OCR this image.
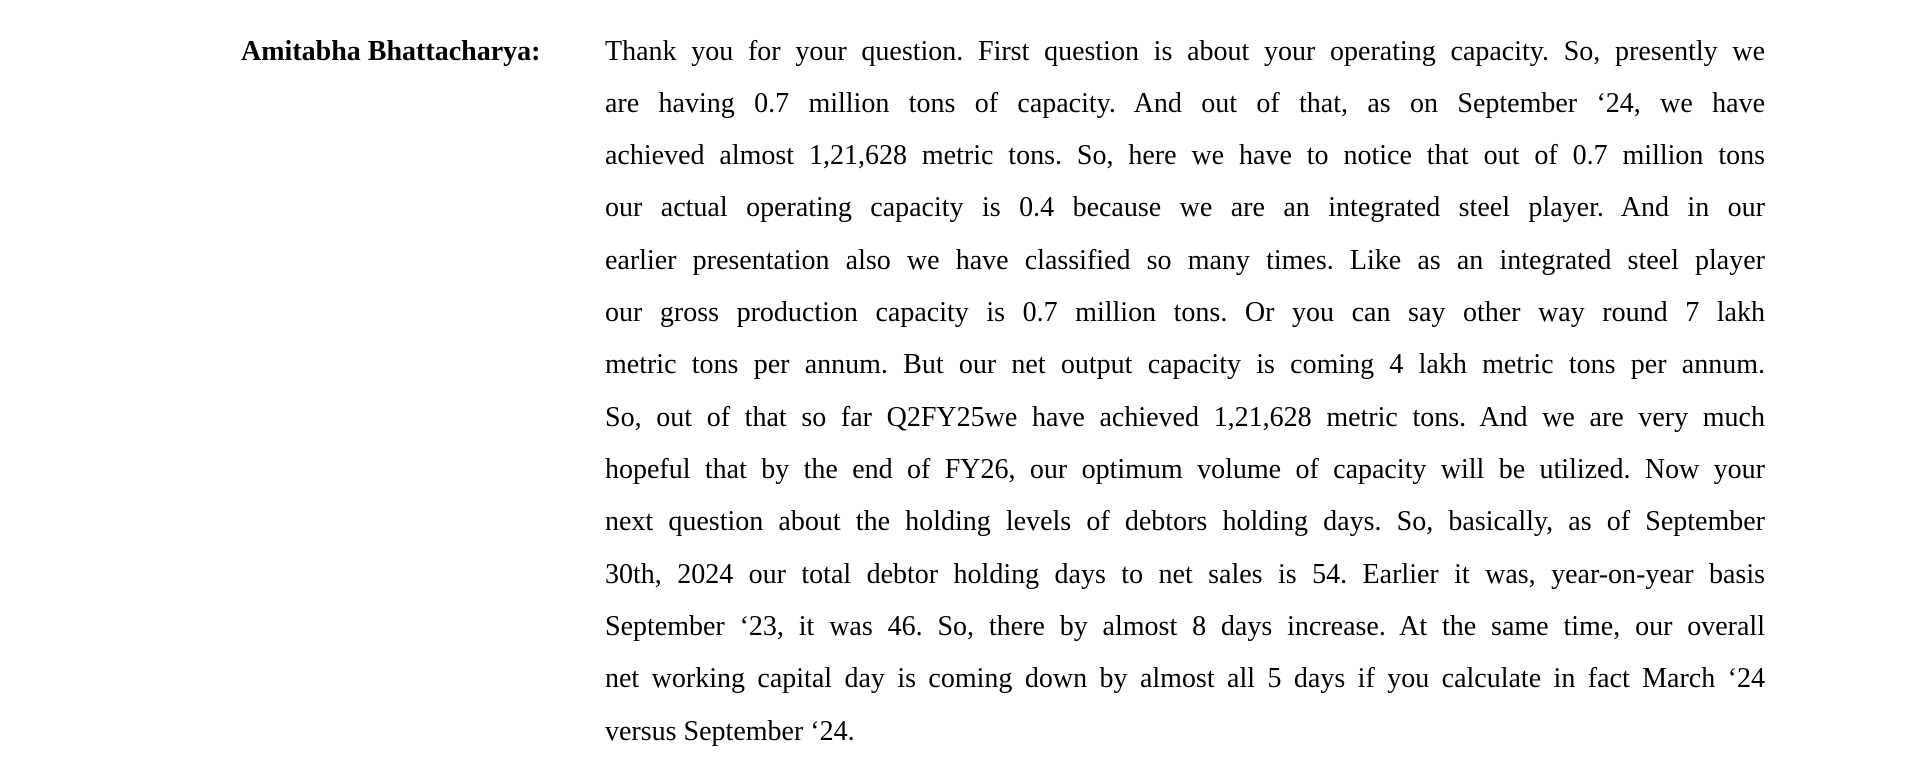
Amitabha Bhattacharya: Thank you for your question. First question is about your operating capacity. So, presently we
are having 0.7 million tons of capacity. And out of that, as on September ‘24, we have
achieved almost 1,21,628 metric tons. So, here we have to notice that out of 0.7 million tons
our actual operating capacity is 0.4 because we are an integrated steel player. And in our
earlier presentation also we have classified so many times. Like as an integrated steel player
our gross production capacity is 0.7 million tons. Or you can say other way round 7 lakh
metric tons per annum. But our net output capacity is coming 4 lakh metric tons per annum.
So, out of that so far Q2FY25we have achieved 1,21,628 metric tons. And we are very much
hopeful that by the end of FY26, our optimum volume of capacity will be utilized. Now your
next question about the holding levels of debtors holding days. So, basically, as of September
30th, 2024 our total debtor holding days to net sales is 54. Earlier it was, year-on-year basis
September ‘23, it was 46. So, there by almost 8 days increase. At the same time, our overall
net working capital day is coming down by almost all 5 days if you calculate in fact March ‘24
versus September ‘24.
